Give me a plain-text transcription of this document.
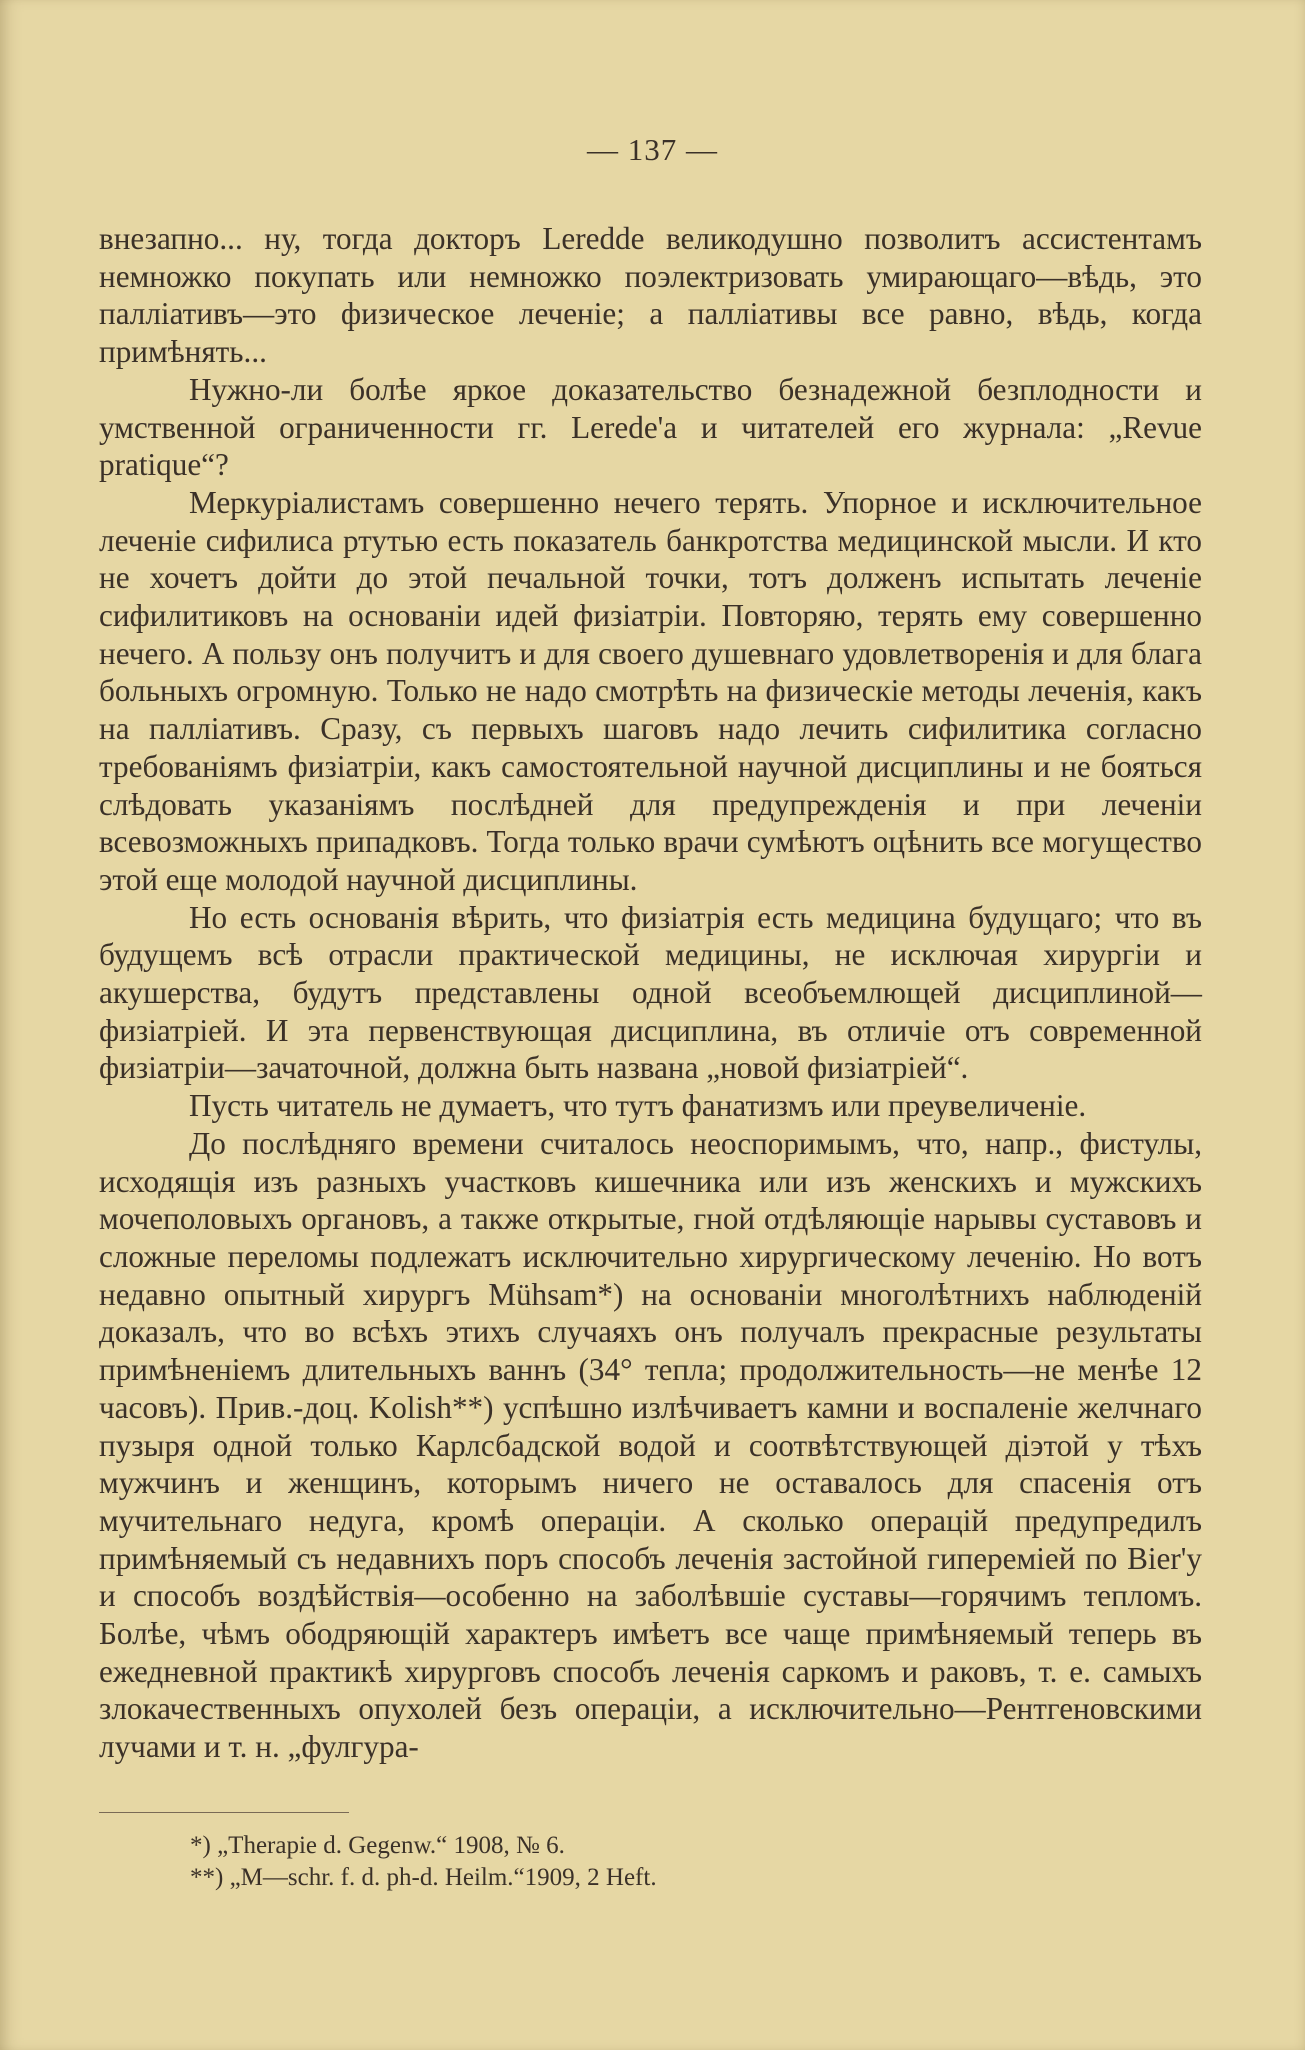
— 137 —

внезапно... ну, тогда докторъ Leredde великодушно позволитъ ассистентамъ немножко покупать или немножко поэлектризовать умирающаго—вѣдь, это палліативъ—это физическое леченіе; а палліативы все равно, вѣдь, когда примѣнять...

Нужно-ли болѣе яркое доказательство безнадежной безплодности и умственной ограниченности гг. Leredе'а и читателей его журнала: „Revue pratique“?

Меркуріалистамъ совершенно нечего терять. Упорное и исключительное леченіе сифилиса ртутью есть показатель банкротства медицинской мысли. И кто не хочетъ дойти до этой печальной точки, тотъ долженъ испытать леченіе сифилитиковъ на основаніи идей физіатріи. Повторяю, терять ему совершенно нечего. А пользу онъ получитъ и для своего душевнаго удовлетворенія и для блага больныхъ огромную. Только не надо смотрѣть на физическіе методы леченія, какъ на палліативъ. Сразу, съ первыхъ шаговъ надо лечить сифилитика согласно требованіямъ физіатріи, какъ самостоятельной научной дисциплины и не бояться слѣдовать указаніямъ послѣдней для предупрежденія и при леченіи всевозможныхъ припадковъ. Тогда только врачи сумѣютъ оцѣнить все могущество этой еще молодой научной дисциплины.

Но есть основанія вѣрить, что физіатрія есть медицина будущаго; что въ будущемъ всѣ отрасли практической медицины, не исключая хирургіи и акушерства, будутъ представлены одной всеобъемлющей дисциплиной—физіатріей. И эта первенствующая дисциплина, въ отличіе отъ современной физіатріи—зачаточной, должна быть названа „новой физіатріей“.

Пусть читатель не думаетъ, что тутъ фанатизмъ или преувеличеніе.

До послѣдняго времени считалось неоспоримымъ, что, напр., фистулы, исходящія изъ разныхъ участковъ кишечника или изъ женскихъ и мужскихъ мочеполовыхъ органовъ, а также открытые, гной отдѣляющіе нарывы суставовъ и сложные переломы подлежатъ исключительно хирургическому леченію. Но вотъ недавно опытный хирургъ Mühsam*) на основаніи многолѣтнихъ наблюденій доказалъ, что во всѣхъ этихъ случаяхъ онъ получалъ прекрасные результаты примѣненіемъ длительныхъ ваннъ (34° тепла; продолжительность—не менѣе 12 часовъ). Прив.-доц. Kolish**) успѣшно излѣчиваетъ камни и воспаленіе желчнаго пузыря одной только Карлсбадской водой и соотвѣтствующей діэтой у тѣхъ мужчинъ и женщинъ, которымъ ничего не оставалось для спасенія отъ мучительнаго недуга, кромѣ операціи. А сколько операцій предупредилъ примѣняемый съ недавнихъ поръ способъ леченія застойной гиперемiей по Bier'у и способъ воздѣйствія—особенно на заболѣвшіе суставы—горячимъ тепломъ. Болѣе, чѣмъ ободряющій характеръ имѣетъ все чаще примѣняемый теперь въ ежедневной практикѣ хирурговъ способъ леченія саркомъ и раковъ, т. е. самыхъ злокачественныхъ опухолей безъ операціи, а исключительно—Рентгеновскими лучами и т. н. „фулгура-

*) „Therapie d. Gegenw.“ 1908, № 6.
**) „M—schr. f. d. ph-d. Heilm.“1909, 2 Heft.
